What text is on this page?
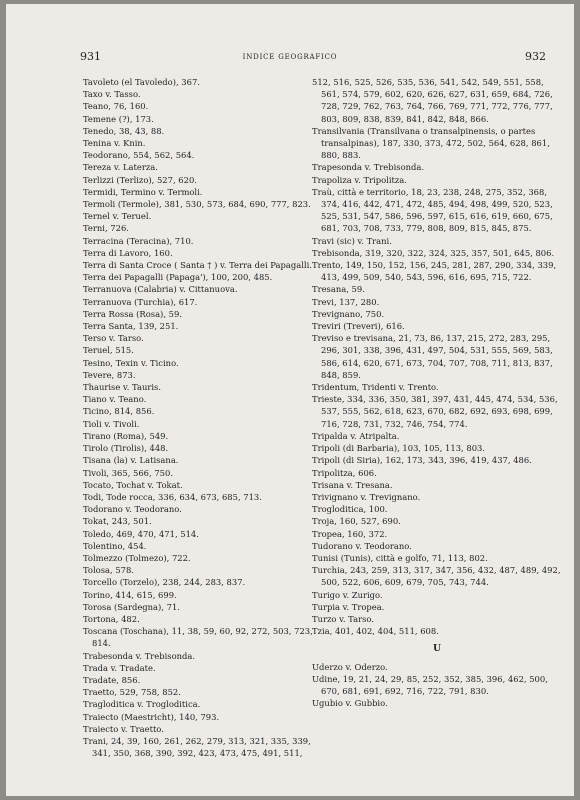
931	INDICE GEOGRAFICO	932
Tavoleto (el Tavoledo), 367.
Taxo v. Tasso.
Teano, 76, 160.
Temene (?), 173.
Tenedo, 38, 43, 88.
Tenina v. Knin.
Teodorano, 554, 562, 564.
Tereza v. Laterza.
Terlizzi (Terlizo), 527, 620.
Termidi, Termino v. Termoli.
Termoli (Termole), 381, 530, 573, 684, 690, 777, 823.
Ternel v. Teruel.
Terni, 726.
Terracina (Teracina), 710.
Terra di Lavoro, 160.
Terra di Santa Croce ( Santa † ) v. Terra dei Papagalli.
Terra dei Papagalli (Papaga'), 100, 200, 485.
Terranuova (Calabria) v. Cittanuova.
Terranuova (Turchia), 617.
Terra Rossa (Rosa), 59.
Terra Santa, 139, 251.
Terso v. Tarso.
Teruel, 515.
Tesino, Texin v. Ticino.
Tevere, 873.
Thaurise v. Tauris.
Tiano v. Teano.
Ticino, 814, 856.
Tioli v. Tivoli.
Tirano (Roma), 549.
Tirolo (Tirolis), 448.
Tisana (la) v. Latisana.
Tivoli, 365, 566, 750.
Tocato, Tochat v. Tokat.
Todi, Tode rocca, 336, 634, 673, 685, 713.
Todorano v. Teodorano.
Tokat, 243, 501.
Toledo, 469, 470, 471, 514.
Tolentino, 454.
Tolmezzo (Tolmezo), 722.
Tolosa, 578.
Torcello (Torzelo), 238, 244, 283, 837.
Torino, 414, 615, 699.
Torosa (Sardegna), 71.
Tortona, 482.
Toscana (Toschana), 11, 38, 59, 60, 92, 272, 503, 723, 814.
Trabesonda v. Trebisonda.
Trada v. Tradate.
Tradate, 856.
Traetto, 529, 758, 852.
Tragloditica v. Trogloditica.
Traiecto (Maestricht), 140, 793.
Traiecto v. Traetto.
Trani, 24, 39, 160, 261, 262, 279, 313, 321, 335, 339, 341, 350, 368, 390, 392, 423, 473, 475, 491, 511,
512, 516, 525, 526, 535, 536, 541, 542, 549, 551, 558, 561, 574, 579, 602, 620, 626, 627, 631, 659, 684, 726, 728, 729, 762, 763, 764, 766, 769, 771, 772, 776, 777, 803, 809, 838, 839, 841, 842, 848, 866.
Transilvania (Transilvana o transalpinensis, o partes transalpinas), 187, 330, 373, 472, 502, 564, 628, 861, 880, 883.
Trapesonda v. Trebisonda.
Trapoliza v. Tripolitza.
Traù, città e territorio, 18, 23, 238, 248, 275, 352, 368, 374, 416, 442, 471, 472, 485, 494, 498, 499, 520, 523, 525, 531, 547, 586, 596, 597, 615, 616, 619, 660, 675, 681, 703, 708, 733, 779, 808, 809, 815, 845, 875.
Travi (sic) v. Trani.
Trebisonda, 319, 320, 322, 324, 325, 357, 501, 645, 806.
Trento, 149, 150, 152, 156, 245, 281, 287, 290, 334, 339, 413, 499, 509, 540, 543, 596, 616, 695, 715, 722.
Tresana, 59.
Trevi, 137, 280.
Trevignano, 750.
Treviri (Treveri), 616.
Treviso e trevisana, 21, 73, 86, 137, 215, 272, 283, 295, 296, 301, 338, 396, 431, 497, 504, 531, 555, 569, 583, 586, 614, 620, 671, 673, 704, 707, 708, 711, 813, 837, 848, 859.
Tridentum, Tridenti v. Trento.
Trieste, 334, 336, 350, 381, 397, 431, 445, 474, 534, 536, 537, 555, 562, 618, 623, 670, 682, 692, 693, 698, 699, 716, 728, 731, 732, 746, 754, 774.
Tripalda v. Atripalta.
Tripoli (di Barbaria), 103, 105, 113, 803.
Tripoli (di Siria), 162, 173, 343, 396, 419, 437, 486.
Tripolitza, 606.
Trisana v. Tresana.
Trivignano v. Trevignano.
Trogloditica, 100.
Troja, 160, 527, 690.
Tropea, 160, 372.
Tudorano v. Teodorano.
Tunisi (Tunis), città e golfo, 71, 113, 802.
Turchia, 243, 259, 313, 317, 347, 356, 432, 487, 489, 492, 500, 522, 606, 609, 679, 705, 743, 744.
Turigo v. Zurigo.
Turpia v. Tropea.
Turzo v. Tarso.
Tzia, 401, 402, 404, 511, 608.
U
Uderzo v. Oderzo.
Udine, 19, 21, 24, 29, 85, 252, 352, 385, 396, 462, 500, 670, 681, 691, 692, 716, 722, 791, 830.
Ugubio v. Gubbio.
